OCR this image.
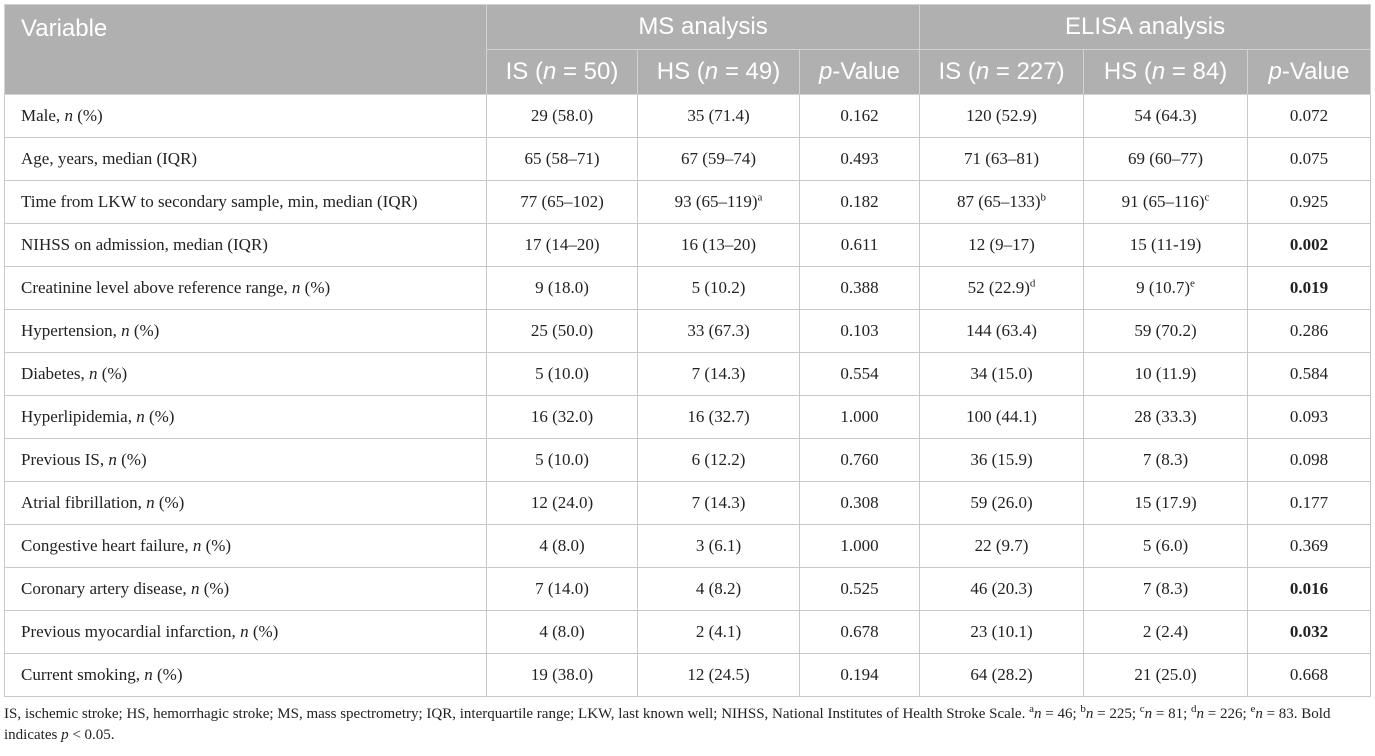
Variable	MS analysis			ELISA analysis		
	IS (n = 50)	HS (n = 49)	p-Value	IS (n = 227)	HS (n = 84)	p-Value
Male, n (%)	29 (58.0)	35 (71.4)	0.162	120 (52.9)	54 (64.3)	0.072
Age, years, median (IQR)	65 (58–71)	67 (59–74)	0.493	71 (63–81)	69 (60–77)	0.075
Time from LKW to secondary sample, min, median (IQR)	77 (65–102)	93 $(65-119)^a$	0.182	87 $(65-133)^b$	91 $(65-116)^c$	0.925
NIHSS on admission, median (IQR)	17 (14–20)	16 (13–20)	0.611	12 (9–17)	15 (11-19)	0.002
Creatinine level above reference range, n (%)	9 (18.0)	5 (10.2)	0.388	52 $(22.9)^d$	9 $(10.7)^e$	0.019
Hypertension, n (%)	25 (50.0)	33 (67.3)	0.103	144 (63.4)	59 (70.2)	0.286
Diabetes, n (%)	5 (10.0)	7 (14.3)	0.554	34 (15.0)	10 (11.9)	0.584
Hyperlipidemia, n (%)	16 (32.0)	16 (32.7)	1.000	100 (44.1)	28 (33.3)	0.093
Previous IS, n (%)	5 (10.0)	6 (12.2)	0.760	36 (15.9)	7 (8.3)	0.098
Atrial fibrillation, n (%)	12 (24.0)	7 (14.3)	0.308	59 (26.0)	15 (17.9)	0.177
Congestive heart failure, n (%)	4 (8.0)	3 (6.1)	1.000	22 (9.7)	5 (6.0)	0.369
Coronary artery disease, n (%)	7 (14.0)	4 (8.2)	0.525	46 (20.3)	7 (8.3)	0.016
Previous myocardial infarction, n (%)	4 (8.0)	2 (4.1)	0.678	23 (10.1)	2 (2.4)	0.032
Current smoking, n (%)	19 (38.0)	12 (24.5)	0.194	64 (28.2)	21 (25.0)	0.668
IS, ischemic stroke; HS, hemorrhagic stroke; MS, mass spectrometry; IQR, interquartile range; LKW, last known well; NIHSS, National Institutes of Health Stroke Scale. $^a$n = 46; $^b$n = 225; $^c$n = 81; $^d$n = 226; $^e$n = 83. Bold indicates p < 0.05.
